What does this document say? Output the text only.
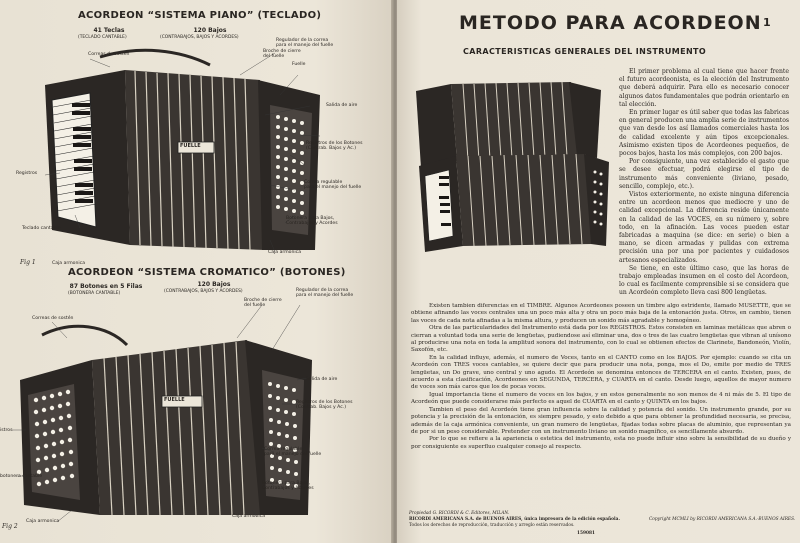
ACORDEON “SISTEMA PIANO” (TECLADO)
41 Teclas
(TECLADO CANTABLE)
120 Bajos
(CONTRABAJOS, BAJOS Y ACORDES)
Correas de sostén
Regulador de la correa
para el manejo del fuelle
Broche de cierre
del fuelle
Fuelle
Salida de aire
Registros de los Botones
(Contrab. Bajos y Ac.)
Registros
Correa regulable
para el manejo del fuelle
Teclado cantable
Botonera para Bajos,
Contrabajos y Acordes
Caja armonica
Caja armonica
Fig 1
FUELLE
ACORDEON “SISTEMA CROMATICO” (BOTONES)
87 Botones en 5 Filas
(BOTONERA CANTABLE)
120 Bajos
(CONTRABAJOS, BAJOS Y ACORDES)
Broche de cierre
del fuelle
Regulador de la correa
para el manejo del fuelle
Correas de sostén
Salida de aire
Registros de los Botones
(Contrab. Bajos y Ac.)
istros
Correa regulable
para el manejo del fuelle
botonera cantable
Botonera para Bajos,
Contrabajos y Acordes
Caja armonica
Caja armonica
Fig 2
FUELLE
METODO PARA ACORDEON 1
CARACTERISTICAS GENERALES DEL INSTRUMENTO

El primer problema al cual tiene que hacer frente el futuro acordeonista, es la elección del Instrumento que deberá adquirir. Para ello es necesario conocer algunos datos fundamentales que podrán orientarlo en tal elección.

En primer lugar es útil saber que todas las fabricas en general producen una amplia serie de instrumentos que van desde los así llamados comerciales hasta los de calidad excelente y aún tipos excepcionales. Asimismo existen tipos de Acordeones pequeños, de pocos bajos, hasta los más complejos, con 200 bajos.

Por consiguiente, una vez establecido el gasto que se desee efectuar, podrá elegirse el tipo de instrumento más conveniente (liviano, pesado, sencillo, complejo, etc.).

Vistos exteriormente, no existe ninguna diferencia entre un acordeon menos que mediocre y uno de calidad excepcional. La diferencia reside únicamente en la calidad de las VOCES, en su número y, sobre todo, en la afinación. Las voces pueden estar fabricadas a maquina (se dice: en serie) o bien a mano, se dicen armadas y pulidas con extrema precisión una por una por pacientes y cuidadosos artesanos especializados.

Se tiene, en este último caso, que las horas de trabajo empleadas insumen en el costo del Acordeon, lo cual es facilmente comprensible si se considera que un Acordeón completo lleva casi 800 lengüetas.

Existen tambien diferencias en el TIMBRE. Algunos Acordeones poseen un timbre algo estridente, llamado MUSETTE, que se obtiene afinando las voces centrales una un poco más alta y otra un poco más baja de la entonación justa. Otros, en cambio, tienen las voces de cada nota afinadas a la misma altura, y producen un sonido más agradable y homogéneo.

Otra de las particularidades del Instrumento está dada por los REGISTROS. Estos consisten en laminas metálicas que abren o cierran a voluntad toda una serie de lengüetas, pudiendose así eliminar una, dos o tres de las cuatro lengüetas que vibran al unísono al producirse una nota en toda la amplitud sonora del instrumento, con lo cual se obtienen efectos de Clarinete, Bandoneón, Violín, Saxofón, etc.

En la calidad influye, además, el numero de Voces, tanto en el CANTO como en los BAJOS. Por ejemplo: cuando se cita un Acordeón con TRES voces cantables, se quiere decir que para producir una nota, ponga, mos el Do, emite por medio de TRES lengüetas, un Do grave, uno central y uno agudo. El Acordeón se denomina entonces de TERCERA en el canto. Existen, pues, de acuerdo a esta clasificación, Acordeones en SEGUNDA, TERCERA, y CUARTA en el canto. Desde luego, aquellos de mayor numero de voces son más caros que los de pocas voces.

Igual importancia tiene el numero de voces en los bajos, y en estos generalmente no son menos de 4 ni más de 5. El tipo de Acordeón que puede considerarse más perfecto es aquel de CUARTA en el canto y QUINTA en los bajos.

Tambien el peso del Acordeón tiene gran influencia sobre la calidad y potencia del sonido. Un instrumento grande, por su potencia y la precisión de la entonación, es siempre pesado, y esto debido a que para obtener la profundidad necesaria, se precisa, además de la caja armónica conveniente, un gran numero de lengüetas, fijadas todas sobre placas de aluminio, que representan ya de por si un peso considerable. Pretender con un instrumento liviano un sonido magnífico, es sencillamente absurdo.

Por lo que se refiere a la apariencia o estetica del instrumento, esta no puede influir sino sobre la sensibilidad de su dueño y por consiguiente es superfluo cualquier consejo al respecto.

Propiedad G. RICORDI & C. Editores, MILAN.
RICORDI AMERICANA S.A. de BUENOS AIRES, única impresora de la edición española.
Todos los derechos de reproducción, traducción y arreglo están reservados.
Copyright MCMLI by RICORDI AMERICANA S.A.-BUENOS AIRES.
159081
